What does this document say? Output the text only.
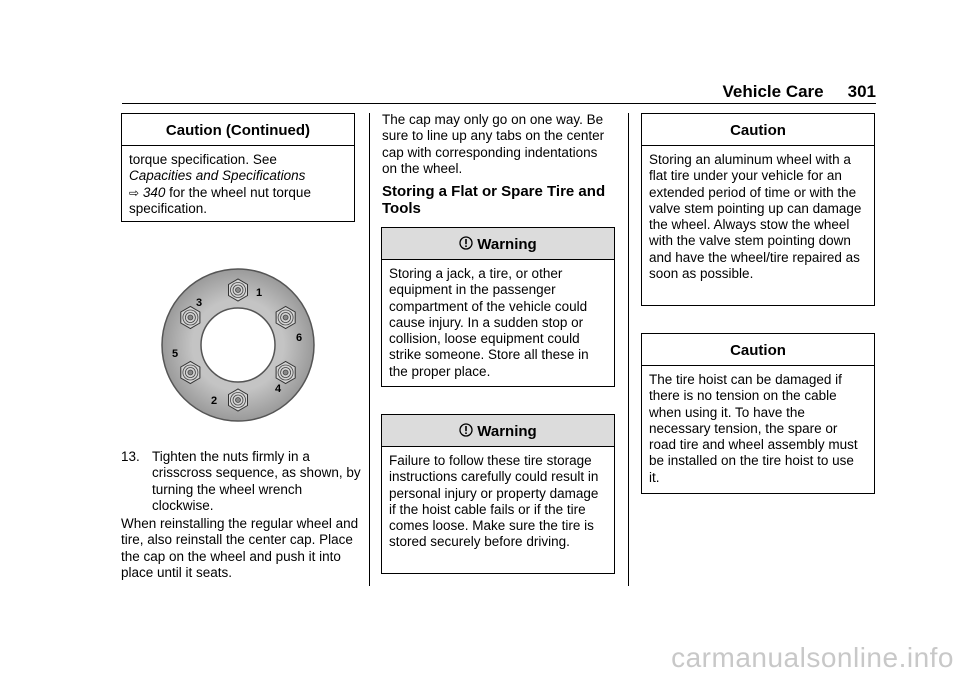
Vehicle Care 301
Caution (Continued)
torque specification. See
Capacities and Specifications
⇨ 340 for the wheel nut torque specification.
1
2
3
4
5
6
13. Tighten the nuts firmly in a crisscross sequence, as shown, by turning the wheel wrench clockwise.
When reinstalling the regular wheel and tire, also reinstall the center cap. Place the cap on the wheel and push it into place until it seats.
The cap may only go on one way. Be sure to line up any tabs on the center cap with corresponding indentations on the wheel.
Storing a Flat or Spare Tire and Tools
Warning
Storing a jack, a tire, or other equipment in the passenger compartment of the vehicle could cause injury. In a sudden stop or collision, loose equipment could strike someone. Store all these in the proper place.
Warning
Failure to follow these tire storage instructions carefully could result in personal injury or property damage if the hoist cable fails or if the tire comes loose. Make sure the tire is stored securely before driving.
Caution
Storing an aluminum wheel with a flat tire under your vehicle for an extended period of time or with the valve stem pointing up can damage the wheel. Always stow the wheel with the valve stem pointing down and have the wheel/tire repaired as soon as possible.
Caution
The tire hoist can be damaged if there is no tension on the cable when using it. To have the necessary tension, the spare or road tire and wheel assembly must be installed on the tire hoist to use it.
carmanualsonline.info
